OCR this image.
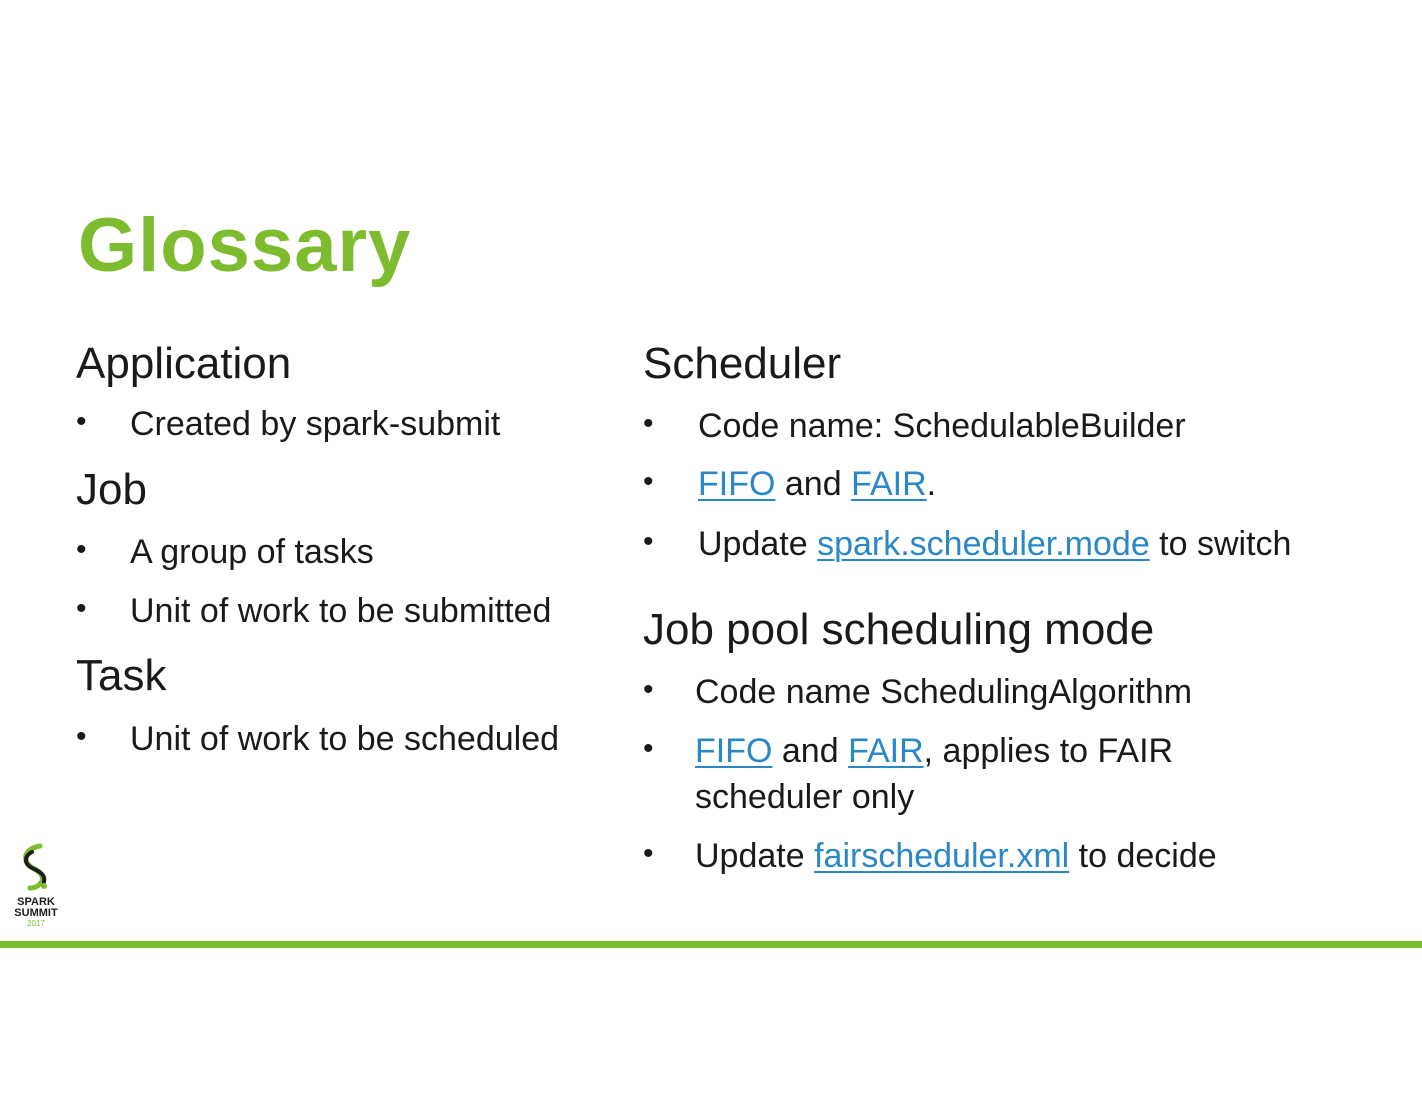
Glossary
Application
• Created by spark-submit
Job
• A group of tasks
• Unit of work to be submitted
Task
• Unit of work to be scheduled
Scheduler
• Code name: SchedulableBuilder
• FIFO and FAIR.
• Update spark.scheduler.mode to switch
Job pool scheduling mode
• Code name SchedulingAlgorithm
• FIFO and FAIR, applies to FAIR
scheduler only
• Update fairscheduler.xml to decide
SPARK
SUMMIT
2017
